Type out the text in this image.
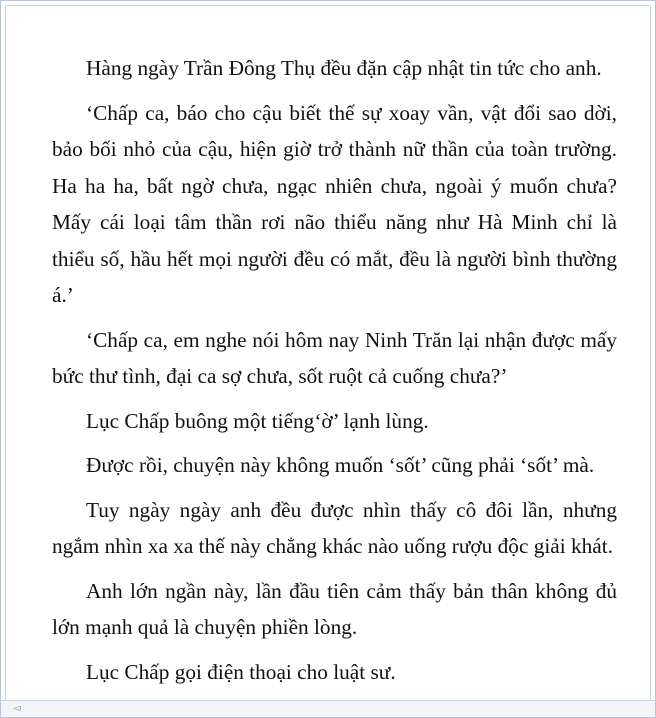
Hàng ngày Trần Đông Thụ đều đặn cập nhật tin tức cho anh.

‘Chấp ca, báo cho cậu biết thế sự xoay vần, vật đổi sao dời, bảo bối nhỏ của cậu, hiện giờ trở thành nữ thần của toàn trường. Ha ha ha, bất ngờ chưa, ngạc nhiên chưa, ngoài ý muốn chưa? Mấy cái loại tâm thần rơi não thiểu năng như Hà Minh chỉ là thiểu số, hầu hết mọi người đều có mắt, đều là người bình thường á.’

‘Chấp ca, em nghe nói hôm nay Ninh Trăn lại nhận được mấy bức thư tình, đại ca sợ chưa, sốt ruột cả cuống chưa?’

Lục Chấp buông một tiếng‘ờ’ lạnh lùng.

Được rồi, chuyện này không muốn ‘sốt’ cũng phải ‘sốt’ mà.

Tuy ngày ngày anh đều được nhìn thấy cô đôi lần, nhưng ngắm nhìn xa xa thế này chẳng khác nào uống rượu độc giải khát.

Anh lớn ngần này, lần đầu tiên cảm thấy bản thân không đủ lớn mạnh quả là chuyện phiền lòng.

Lục Chấp gọi điện thoại cho luật sư.

◅
